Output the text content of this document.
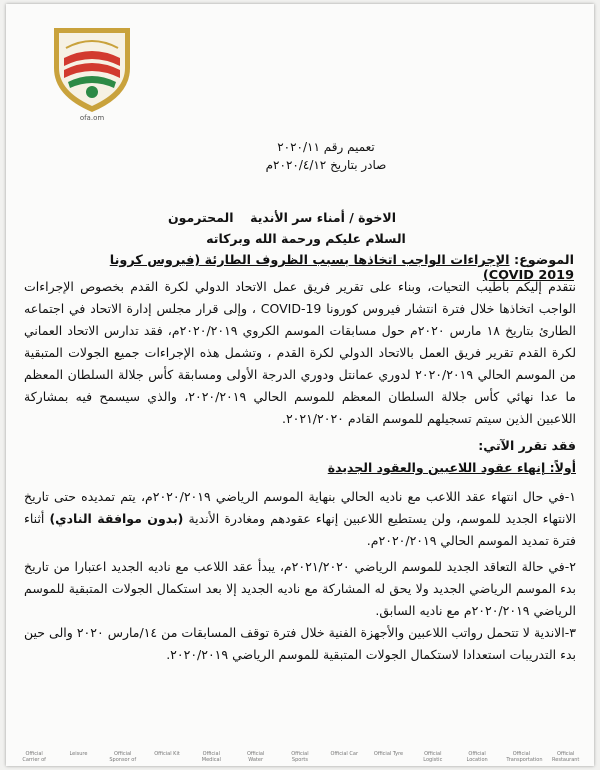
ofa.om
تعميم رقم ٢٠٢٠/١١
صادر بتاريخ ٢٠٢٠/٤/١٢م
الاخوة / أمناء سر الأندية
المحترمون
السلام عليكم ورحمة الله وبركاته
الموضوع: الإجراءات الواجب اتخاذها بسبب الظروف الطارئة (فيروس كرونا COVID 2019)
نتقدم إليكم بأطيب التحيات، وبناء على تقرير فريق عمل الاتحاد الدولي لكرة القدم بخصوص الإجراءات الواجب اتخاذها خلال فترة انتشار فيروس كورونا COVID-19 ، وإلى قرار مجلس إدارة الاتحاد في اجتماعه الطارئ بتاريخ ١٨ مارس ٢٠٢٠م حول مسابقات الموسم الكروي ٢٠٢٠/٢٠١٩م، فقد تدارس الاتحاد العماني لكرة القدم تقرير فريق العمل بالاتحاد الدولي لكرة القدم ، وتشمل هذه الإجراءات جميع الجولات المتبقية من الموسم الحالي ٢٠٢٠/٢٠١٩ لدوري عمانتل ودوري الدرجة الأولى ومسابقة كأس جلالة السلطان المعظم ما عدا نهائي كأس جلالة السلطان المعظم للموسم الحالي ٢٠٢٠/٢٠١٩، والذي سيسمح فيه بمشاركة اللاعبين الذين سيتم تسجيلهم للموسم القادم ٢٠٢١/٢٠٢٠.
فقد تقرر الآتي:
أولاً: إنهاء عقود اللاعبين والعقود الجديدة
١-في حال انتهاء عقد اللاعب مع ناديه الحالي بنهاية الموسم الرياضي ٢٠٢٠/٢٠١٩م، يتم تمديده حتى تاريخ الانتهاء الجديد للموسم، ولن يستطيع اللاعبين إنهاء عقودهم ومغادرة الأندية (بدون موافقة النادي) أثناء فترة تمديد الموسم الحالي ٢٠٢٠/٢٠١٩م.
٢-في حالة التعاقد الجديد للموسم الرياضي ٢٠٢١/٢٠٢٠م، يبدأ عقد اللاعب مع ناديه الجديد اعتبارا من تاريخ بدء الموسم الرياضي الجديد ولا يحق له المشاركة مع ناديه الجديد إلا بعد استكمال الجولات المتبقية للموسم الرياضي ٢٠٢٠/٢٠١٩م مع ناديه السابق.
٣-الاندية لا تتحمل رواتب اللاعبين والأجهزة الفنية خلال فترة توقف المسابقات من ١٤/مارس ٢٠٢٠ والى حين بدء التدريبات استعدادا لاستكمال الجولات المتبقية للموسم الرياضي ٢٠٢٠/٢٠١٩.
Official Carrier of
Leisure	Official Sponsor of
Official Kit	Official Medical
Official Water
Official Sports
Official Car	Official Tyre	Official Logistic
Official Location
Official Transportation
Official Restaurant
